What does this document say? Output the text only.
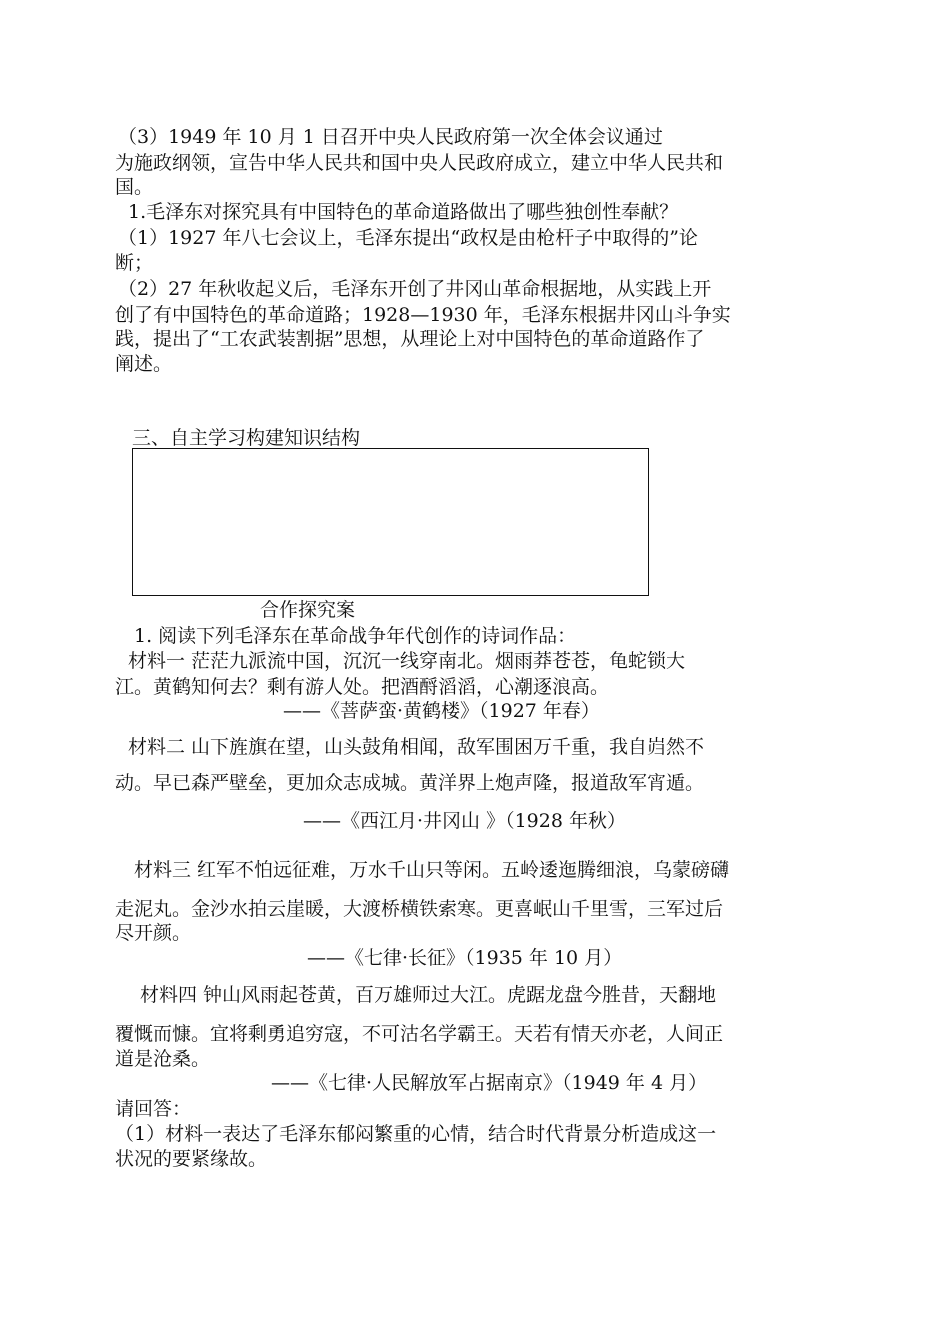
（3）1949 年 10 月 1 日召开中央人民政府第一次全体会议通过
为施政纲领，宣告中华人民共和国中央人民政府成立，建立中华人民共和
国。
1.毛泽东对探究具有中国特色的革命道路做出了哪些独创性奉献？
（1）1927 年八七会议上，毛泽东提出“政权是由枪杆子中取得的”论
断；
（2）27 年秋收起义后，毛泽东开创了井冈山革命根据地，从实践上开
创了有中国特色的革命道路；1928—1930 年，毛泽东根据井冈山斗争实
践，提出了“工农武装割据”思想，从理论上对中国特色的革命道路作了
阐述。
三、自主学习构建知识结构
合作探究案
1. 阅读下列毛泽东在革命战争年代创作的诗词作品：
材料一 茫茫九派流中国，沉沉一线穿南北。烟雨莽苍苍，龟蛇锁大
江。黄鹤知何去？剩有游人处。把酒酹滔滔，心潮逐浪高。
——《菩萨蛮·黄鹤楼》（1927 年春）
材料二 山下旌旗在望，山头鼓角相闻，敌军围困万千重，我自岿然不
动。早已森严壁垒，更加众志成城。黄洋界上炮声隆，报道敌军宵遁。
——《西江月·井冈山 》（1928 年秋）
材料三 红军不怕远征难，万水千山只等闲。五岭逶迤腾细浪，乌蒙磅礴
走泥丸。金沙水拍云崖暖，大渡桥横铁索寒。更喜岷山千里雪，三军过后
尽开颜。
——《七律·长征》（1935 年 10 月）
材料四 钟山风雨起苍黄，百万雄师过大江。虎踞龙盘今胜昔，天翻地
覆慨而慷。宜将剩勇追穷寇，不可沽名学霸王。天若有情天亦老，人间正
道是沧桑。
——《七律·人民解放军占据南京》（1949 年 4 月）
请回答：
（1）材料一表达了毛泽东郁闷繁重的心情，结合时代背景分析造成这一
状况的要紧缘故。
